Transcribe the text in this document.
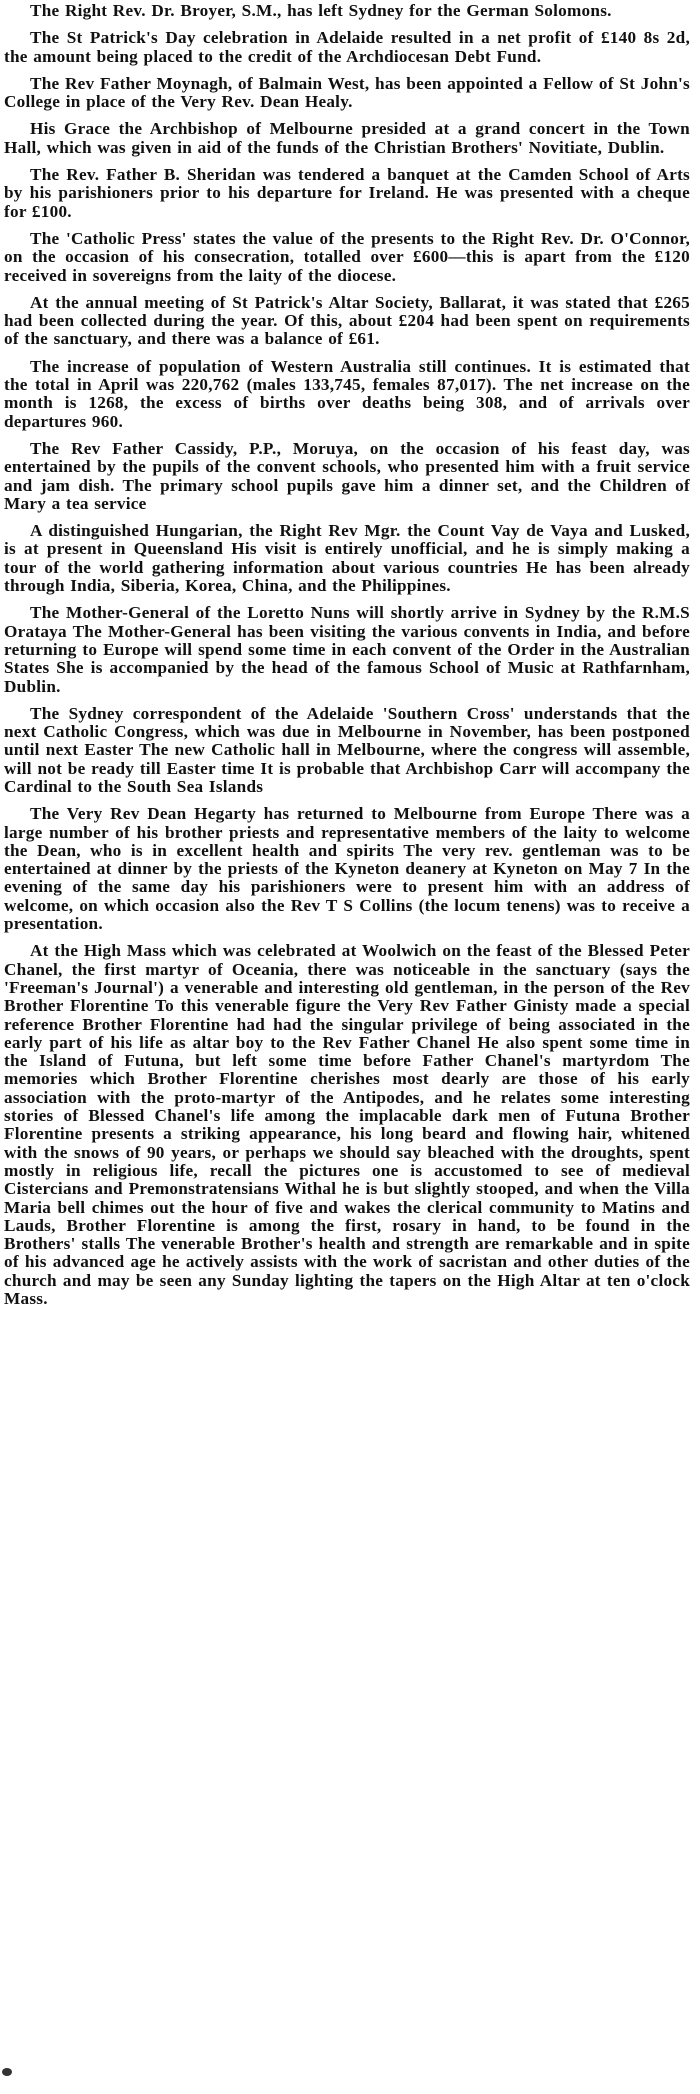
The Right Rev. Dr. Broyer, S.M., has left Sydney for the German Solomons.

The St Patrick's Day celebration in Adelaide resulted in a net profit of £140 8s 2d, the amount being placed to the credit of the Archdiocesan Debt Fund.

The Rev Father Moynagh, of Balmain West, has been appointed a Fellow of St John's College in place of the Very Rev. Dean Healy.

His Grace the Archbishop of Melbourne presided at a grand concert in the Town Hall, which was given in aid of the funds of the Christian Brothers' Novitiate, Dublin.

The Rev. Father B. Sheridan was tendered a banquet at the Camden School of Arts by his parishioners prior to his departure for Ireland. He was presented with a cheque for £100.

The 'Catholic Press' states the value of the presents to the Right Rev. Dr. O'Connor, on the occasion of his consecration, totalled over £600—this is apart from the £120 received in sovereigns from the laity of the diocese.

At the annual meeting of St Patrick's Altar Society, Ballarat, it was stated that £265 had been collected during the year. Of this, about £204 had been spent on requirements of the sanctuary, and there was a balance of £61.

The increase of population of Western Australia still continues. It is estimated that the total in April was 220,762 (males 133,745, females 87,017). The net increase on the month is 1268, the excess of births over deaths being 308, and of arrivals over departures 960.

The Rev Father Cassidy, P.P., Moruya, on the occasion of his feast day, was entertained by the pupils of the convent schools, who presented him with a fruit service and jam dish. The primary school pupils gave him a dinner set, and the Children of Mary a tea service

A distinguished Hungarian, the Right Rev Mgr. the Count Vay de Vaya and Lusked, is at present in Queensland His visit is entirely unofficial, and he is simply making a tour of the world gathering information about various countries He has been already through India, Siberia, Korea, China, and the Philippines.

The Mother-General of the Loretto Nuns will shortly arrive in Sydney by the R.M.S Orataya The Mother-General has been visiting the various convents in India, and before returning to Europe will spend some time in each convent of the Order in the Australian States She is accompanied by the head of the famous School of Music at Rathfarnham, Dublin.

The Sydney correspondent of the Adelaide 'Southern Cross' understands that the next Catholic Congress, which was due in Melbourne in November, has been postponed until next Easter The new Catholic hall in Melbourne, where the congress will assemble, will not be ready till Easter time It is probable that Archbishop Carr will accompany the Cardinal to the South Sea Islands

The Very Rev Dean Hegarty has returned to Melbourne from Europe There was a large number of his brother priests and representative members of the laity to welcome the Dean, who is in excellent health and spirits The very rev. gentleman was to be entertained at dinner by the priests of the Kyneton deanery at Kyneton on May 7 In the evening of the same day his parishioners were to present him with an address of welcome, on which occasion also the Rev T S Collins (the locum tenens) was to receive a presentation.

At the High Mass which was celebrated at Woolwich on the feast of the Blessed Peter Chanel, the first martyr of Oceania, there was noticeable in the sanctuary (says the 'Freeman's Journal') a venerable and interesting old gentleman, in the person of the Rev Brother Florentine To this venerable figure the Very Rev Father Ginisty made a special reference Brother Florentine had had the singular privilege of being associated in the early part of his life as altar boy to the Rev Father Chanel He also spent some time in the Island of Futuna, but left some time before Father Chanel's martyrdom The memories which Brother Florentine cherishes most dearly are those of his early association with the proto-martyr of the Antipodes, and he relates some interesting stories of Blessed Chanel's life among the implacable dark men of Futuna Brother Florentine presents a striking appearance, his long beard and flowing hair, whitened with the snows of 90 years, or perhaps we should say bleached with the droughts, spent mostly in religious life, recall the pictures one is accustomed to see of medieval Cistercians and Premonstratensians Withal he is but slightly stooped, and when the Villa Maria bell chimes out the hour of five and wakes the clerical community to Matins and Lauds, Brother Florentine is among the first, rosary in hand, to be found in the Brothers' stalls The venerable Brother's health and strength are remarkable and in spite of his advanced age he actively assists with the work of sacristan and other duties of the church and may be seen any Sunday lighting the tapers on the High Altar at ten o'clock Mass.
